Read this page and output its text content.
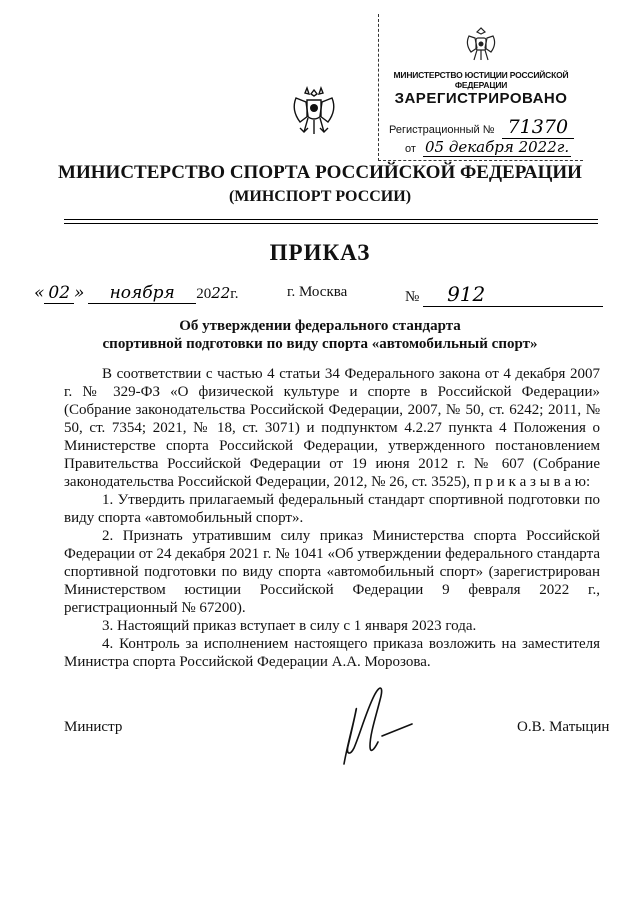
МИНИСТЕРСТВО ЮСТИЦИИ РОССИЙСКОЙ ФЕДЕРАЦИИ
ЗАРЕГИСТРИРОВАНО
Регистрационный № 71370
от 05 декабря 2022г.
МИНИСТЕРСТВО СПОРТА РОССИЙСКОЙ ФЕДЕРАЦИИ
(МИНСПОРТ РОССИИ)
ПРИКАЗ
« 02 » ноября 2022г.	г. Москва	№ 912
Об утверждении федерального стандарта
спортивной подготовки по виду спорта «автомобильный спорт»

В соответствии с частью 4 статьи 34 Федерального закона от 4 декабря 2007 г. № 329-ФЗ «О физической культуре и спорте в Российской Федерации» (Собрание законодательства Российской Федерации, 2007, № 50, ст. 6242; 2011, № 50, ст. 7354; 2021, № 18, ст. 3071) и подпунктом 4.2.27 пункта 4 Положения о Министерстве спорта Российской Федерации, утвержденного постановлением Правительства Российской Федерации от 19 июня 2012 г. № 607 (Собрание законодательства Российской Федерации, 2012, № 26, ст. 3525), п р и к а з ы в а ю:

1. Утвердить прилагаемый федеральный стандарт спортивной подготовки по виду спорта «автомобильный спорт».

2. Признать утратившим силу приказ Министерства спорта Российской Федерации от 24 декабря 2021 г. № 1041 «Об утверждении федерального стандарта спортивной подготовки по виду спорта «автомобильный спорт» (зарегистрирован Министерством юстиции Российской Федерации 9 февраля 2022 г., регистрационный № 67200).

3. Настоящий приказ вступает в силу с 1 января 2023 года.

4. Контроль за исполнением настоящего приказа возложить на заместителя Министра спорта Российской Федерации А.А. Морозова.

Министр	О.В. Матыцин
